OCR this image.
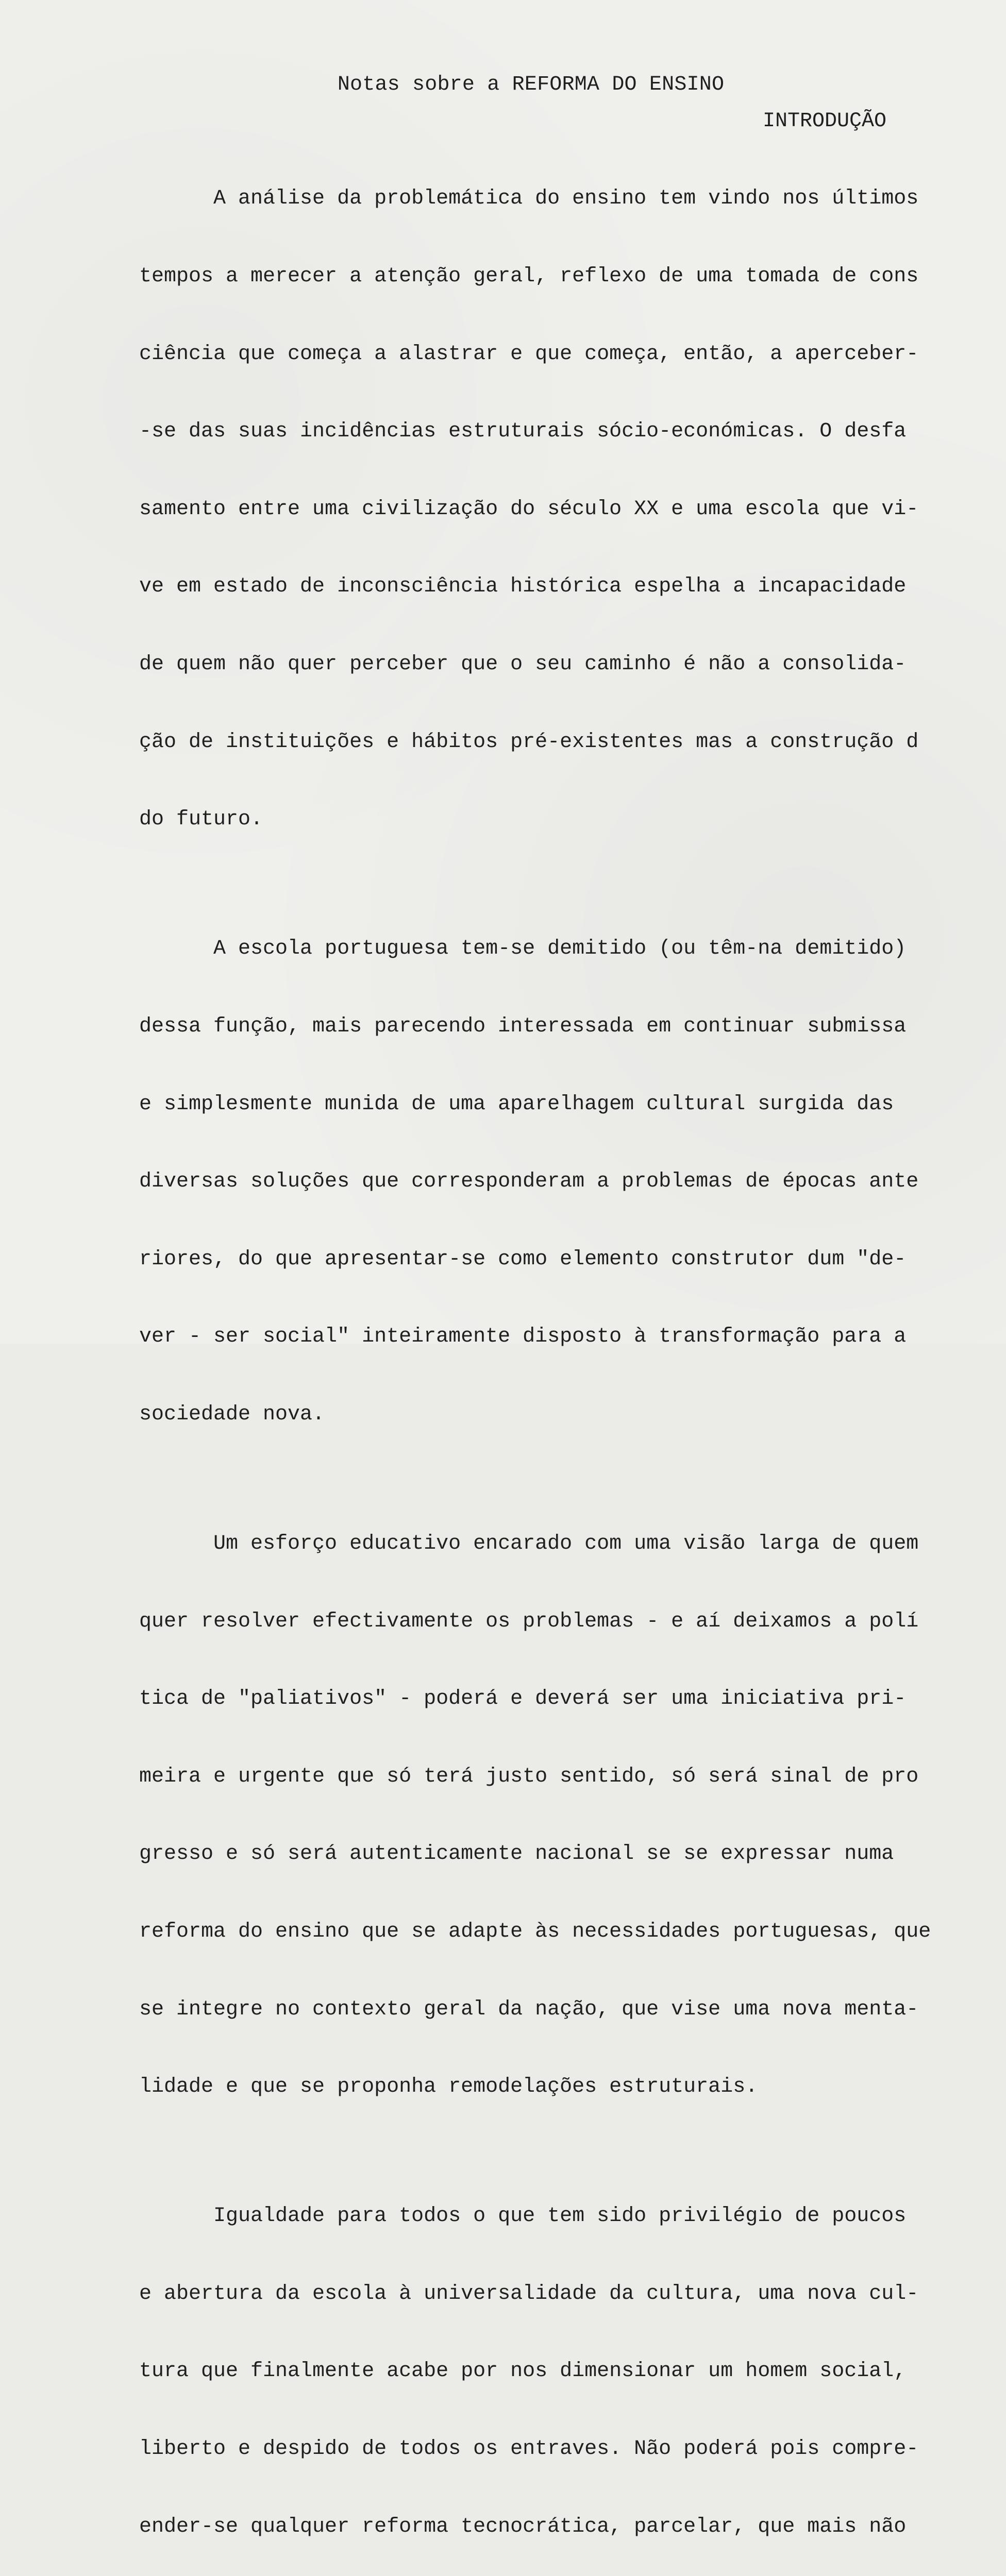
Notas sobre a REFORMA DO ENSINO
INTRODUÇÃO

A análise da problemática do ensino tem vindo nos últimos

tempos a merecer a atenção geral, reflexo de uma tomada de cons

ciência que começa a alastrar e que começa, então, a aperceber-

-se das suas incidências estruturais sócio-económicas. O desfa

samento entre uma civilização do século XX e uma escola que vi-

ve em estado de inconsciência histórica espelha a incapacidade

de quem não quer perceber que o seu caminho é não a consolida-

ção de instituições e hábitos pré-existentes mas a construção d

do futuro.

A escola portuguesa tem-se demitido (ou têm-na demitido)

dessa função, mais parecendo interessada em continuar submissa

e simplesmente munida de uma aparelhagem cultural surgida das

diversas soluções que corresponderam a problemas de épocas ante

riores, do que apresentar-se como elemento construtor dum "de-

ver - ser social" inteiramente disposto à transformação para a

sociedade nova.

Um esforço educativo encarado com uma visão larga de quem

quer resolver efectivamente os problemas - e aí deixamos a polí

tica de "paliativos" - poderá e deverá ser uma iniciativa pri-

meira e urgente que só terá justo sentido, só será sinal de pro

gresso e só será autenticamente nacional se se expressar numa

reforma do ensino que se adapte às necessidades portuguesas, que

se integre no contexto geral da nação, que vise uma nova menta-

lidade e que se proponha remodelações estruturais.

Igualdade para todos o que tem sido privilégio de poucos

e abertura da escola à universalidade da cultura, uma nova cul-

tura que finalmente acabe por nos dimensionar um homem social,

liberto e despido de todos os entraves. Não poderá pois compre-

ender-se qualquer reforma tecnocrática, parcelar, que mais não
